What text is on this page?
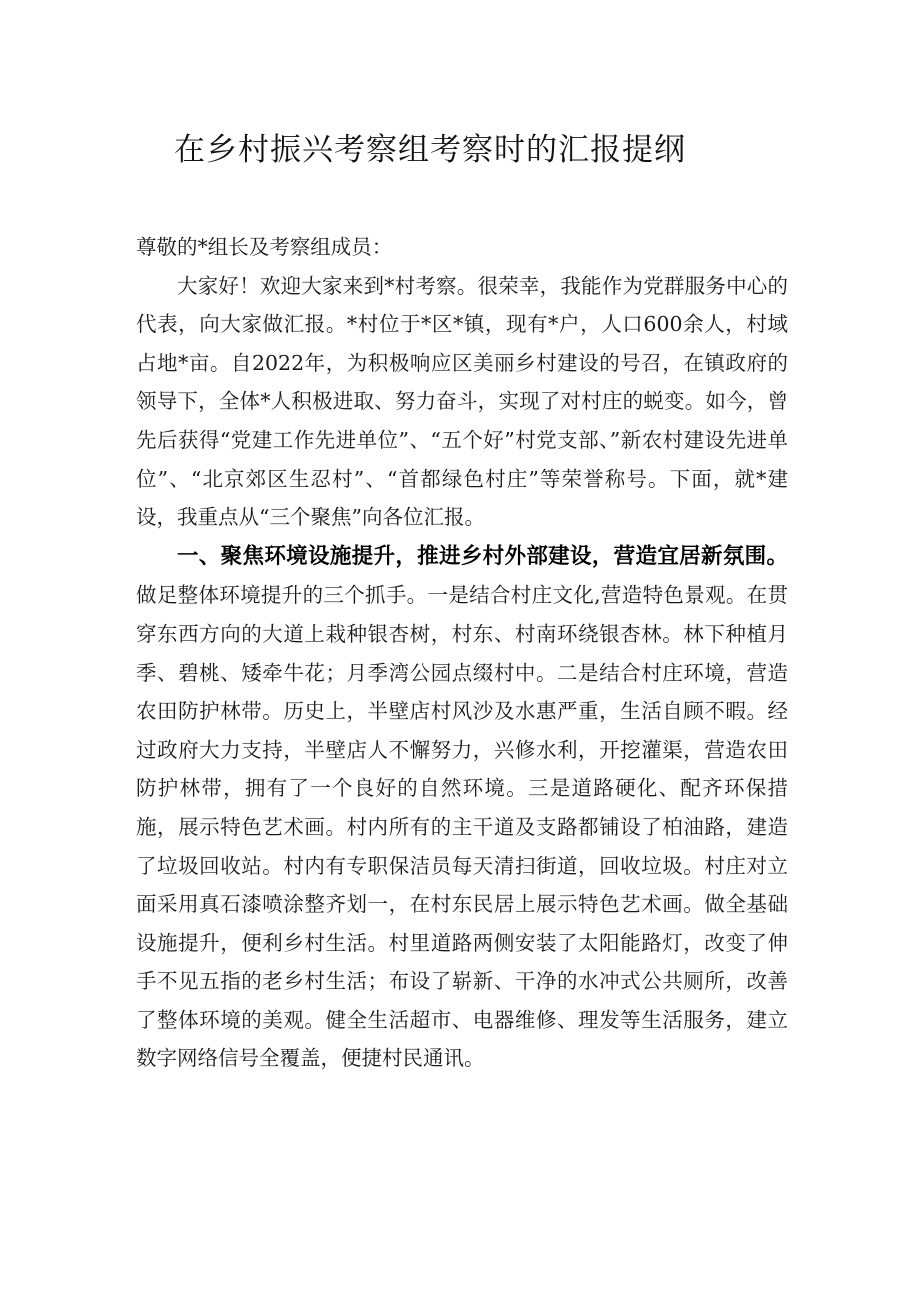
在乡村振兴考察组考察时的汇报提纲

尊敬的*组长及考察组成员：

大家好！欢迎大家来到*村考察。很荣幸，我能作为党群服务中心的代表，向大家做汇报。*村位于*区*镇，现有*户，人口600余人，村域占地*亩。自2022年，为积极响应区美丽乡村建设的号召，在镇政府的领导下，全体*人积极进取、努力奋斗，实现了对村庄的蜕变。如今，曾先后获得“党建工作先进单位”、“五个好”村党支部、”新农村建设先进单位”、“北京郊区生忍村”、“首都绿色村庄”等荣誉称号。下面，就*建设，我重点从“三个聚焦”向各位汇报。

一、聚焦环境设施提升，推进乡村外部建设，营造宜居新氛围。做足整体环境提升的三个抓手。一是结合村庄文化,营造特色景观。在贯穿东西方向的大道上栽种银杏树，村东、村南环绕银杏林。林下种植月季、碧桃、矮牵牛花；月季湾公园点缀村中。二是结合村庄环境，营造农田防护林带。历史上，半壁店村风沙及水惠严重，生活自顾不暇。经过政府大力支持，半壁店人不懈努力，兴修水利，开挖灌渠，营造农田防护林带，拥有了一个良好的自然环境。三是道路硬化、配齐环保措施，展示特色艺术画。村内所有的主干道及支路都铺设了柏油路，建造了垃圾回收站。村内有专职保洁员每天清扫街道，回收垃圾。村庄对立面采用真石漆喷涂整齐划一，在村东民居上展示特色艺术画。做全基础设施提升，便利乡村生活。村里道路两侧安装了太阳能路灯，改变了伸手不见五指的老乡村生活；布设了崭新、干净的水冲式公共厕所，改善了整体环境的美观。健全生活超市、电器维修、理发等生活服务，建立数字网络信号全覆盖，便捷村民通讯。
